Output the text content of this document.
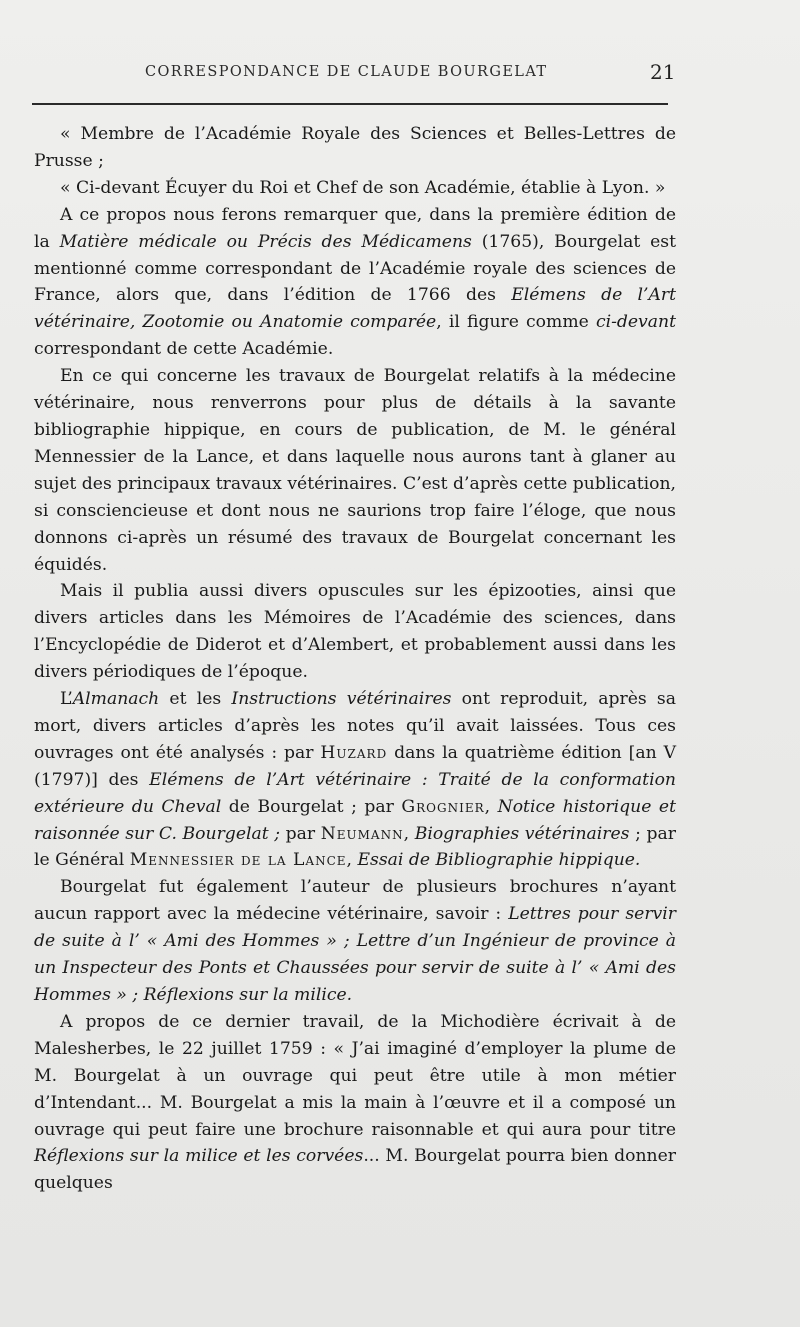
CORRESPONDANCE DE CLAUDE BOURGELAT	21

« Membre de l’Académie Royale des Sciences et Belles-Lettres de Prusse ;

« Ci-devant Écuyer du Roi et Chef de son Académie, établie à Lyon. »

A ce propos nous ferons remarquer que, dans la première édition de la Matière médicale ou Précis des Médicamens (1765), Bourgelat est mentionné comme correspondant de l’Académie royale des sciences de France, alors que, dans l’édition de 1766 des Elémens de l’Art vétérinaire, Zootomie ou Anatomie comparée, il figure comme ci-devant correspondant de cette Académie.

En ce qui concerne les travaux de Bourgelat relatifs à la médecine vétérinaire, nous renverrons pour plus de détails à la savante bibliographie hippique, en cours de publication, de M. le général Mennessier de la Lance, et dans laquelle nous aurons tant à glaner au sujet des principaux travaux vétérinaires. C’est d’après cette publication, si consciencieuse et dont nous ne saurions trop faire l’éloge, que nous donnons ci-après un résumé des travaux de Bourgelat concernant les équidés.

Mais il publia aussi divers opuscules sur les épizooties, ainsi que divers articles dans les Mémoires de l’Académie des sciences, dans l’Encyclopédie de Diderot et d’Alembert, et probablement aussi dans les divers périodiques de l’époque.

L’Almanach et les Instructions vétérinaires ont reproduit, après sa mort, divers articles d’après les notes qu’il avait laissées. Tous ces ouvrages ont été analysés : par Huzard dans la quatrième édition [an V (1797)] des Elémens de l’Art vétérinaire : Traité de la conformation extérieure du Cheval de Bourgelat ; par Grognier, Notice historique et raisonnée sur C. Bourgelat ; par Neumann, Biographies vétérinaires ; par le Général Mennessier de la Lance, Essai de Bibliographie hippique.

Bourgelat fut également l’auteur de plusieurs brochures n’ayant aucun rapport avec la médecine vétérinaire, savoir : Lettres pour servir de suite à l’ « Ami des Hommes » ; Lettre d’un Ingénieur de province à un Inspecteur des Ponts et Chaussées pour servir de suite à l’ « Ami des Hommes » ; Réflexions sur la milice.

A propos de ce dernier travail, de la Michodière écrivait à de Malesherbes, le 22 juillet 1759 : « J’ai imaginé d’employer la plume de M. Bourgelat à un ouvrage qui peut être utile à mon métier d’Intendant... M. Bourgelat a mis la main à l’œuvre et il a composé un ouvrage qui peut faire une brochure raisonnable et qui aura pour titre Réflexions sur la milice et les corvées... M. Bourgelat pourra bien donner quelques
